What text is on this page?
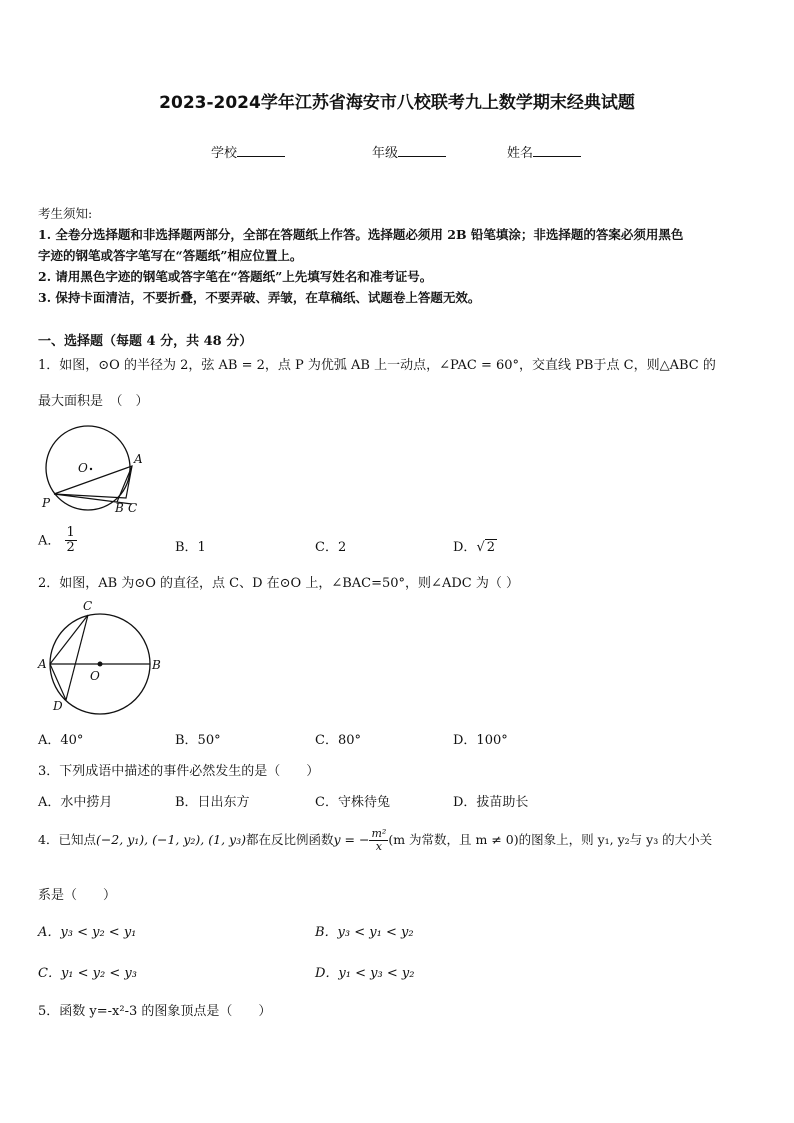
2023-2024学年江苏省海安市八校联考九上数学期末经典试题
学校	年级	姓名
考生须知:
1. 全卷分选择题和非选择题两部分，全部在答题纸上作答。选择题必须用 2B 铅笔填涂；非选择题的答案必须用黑色
字迹的钢笔或答字笔写在“答题纸”相应位置上。
2. 请用黑色字迹的钢笔或答字笔在“答题纸”上先填写姓名和准考证号。
3. 保持卡面清洁，不要折叠，不要弄破、弄皱，在草稿纸、试题卷上答题无效。
一、选择题（每题 4 分，共 48 分）
1．如图，⊙O 的半径为 2，弦 AB = 2，点 P 为优弧 AB 上一动点，∠PAC = 60°，交直线 PB于点 C，则△ABC 的
最大面积是　（　）
O
A
P	B C
A． $\frac{1}{2}$	B．1	C．2	D．√ 2
2．如图，AB 为⊙O 的直径，点 C、D 在⊙O 上，∠BAC=50°，则∠ADC 为（ ）
C
A
O
B
D
A．40°	B．50°	C．80°	D．100°
3．下列成语中描述的事件必然发生的是（　　）
A．水中捞月	B．日出东方	C．守株待兔	D．拔苗助长
4．已知点(−2, y₁), (−1, y₂), (1, y₃)都在反比例函数y = − $\frac{\text{m²}}{x} (m$ 为常数，且 m ≠ 0)的图象上，则 y₁, y₂与 y₃ 的大小关
系是（　　）
A．y₃ < y₂ < y₁	B．y₃ < y₁ < y₂
C．y₁ < y₂ < y₃	D．y₁ < y₃ < y₂
5．函数 y=-x²-3 的图象顶点是（　　）
